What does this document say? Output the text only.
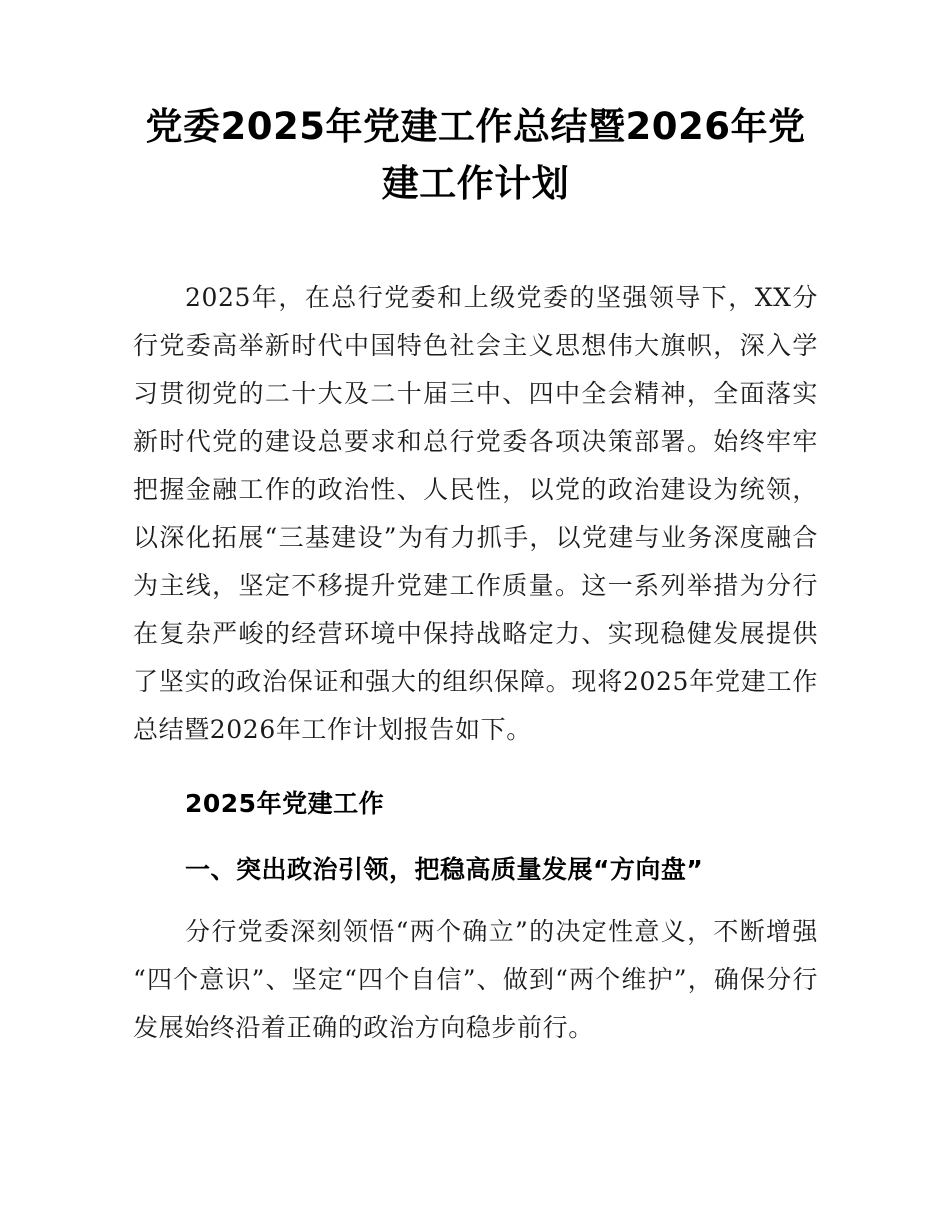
党委2025年党建工作总结暨2026年党建工作计划

2025年，在总行党委和上级党委的坚强领导下，XX分行党委高举新时代中国特色社会主义思想伟大旗帜，深入学习贯彻党的二十大及二十届三中、四中全会精神，全面落实新时代党的建设总要求和总行党委各项决策部署。始终牢牢把握金融工作的政治性、人民性，以党的政治建设为统领，以深化拓展“三基建设”为有力抓手，以党建与业务深度融合为主线，坚定不移提升党建工作质量。这一系列举措为分行在复杂严峻的经营环境中保持战略定力、实现稳健发展提供了坚实的政治保证和强大的组织保障。现将2025年党建工作总结暨2026年工作计划报告如下。

2025年党建工作
一、突出政治引领，把稳高质量发展“方向盘”

分行党委深刻领悟“两个确立”的决定性意义，不断增强“四个意识”、坚定“四个自信”、做到“两个维护”，确保分行发展始终沿着正确的政治方向稳步前行。
